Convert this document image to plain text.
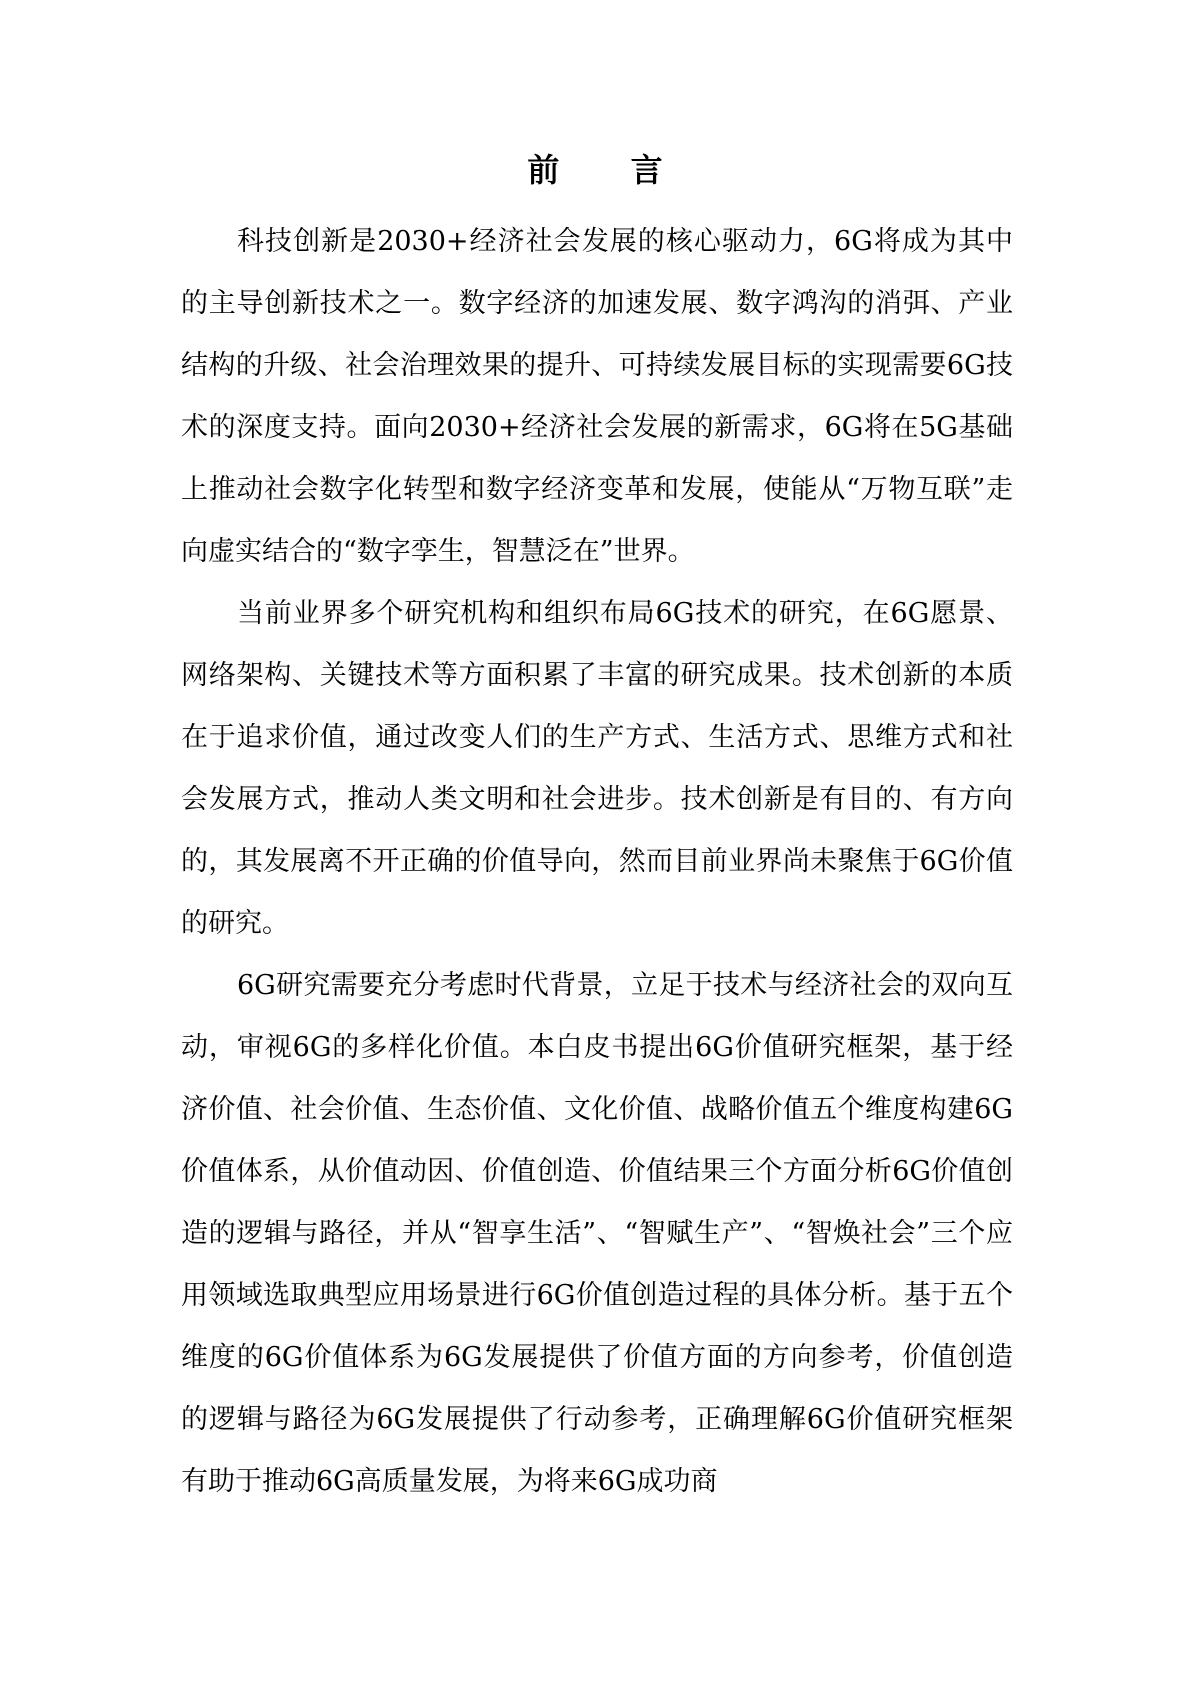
前 言

科技创新是2030+经济社会发展的核心驱动力，6G将成为其中的主导创新技术之一。数字经济的加速发展、数字鸿沟的消弭、产业结构的升级、社会治理效果的提升、可持续发展目标的实现需要6G技术的深度支持。面向2030+经济社会发展的新需求，6G将在5G基础上推动社会数字化转型和数字经济变革和发展，使能从“万物互联”走向虚实结合的“数字孪生，智慧泛在”世界。

当前业界多个研究机构和组织布局6G技术的研究，在6G愿景、网络架构、关键技术等方面积累了丰富的研究成果。技术创新的本质在于追求价值，通过改变人们的生产方式、生活方式、思维方式和社会发展方式，推动人类文明和社会进步。技术创新是有目的、有方向的，其发展离不开正确的价值导向，然而目前业界尚未聚焦于6G价值的研究。

6G研究需要充分考虑时代背景，立足于技术与经济社会的双向互动，审视6G的多样化价值。本白皮书提出6G价值研究框架，基于经济价值、社会价值、生态价值、文化价值、战略价值五个维度构建6G价值体系，从价值动因、价值创造、价值结果三个方面分析6G价值创造的逻辑与路径，并从“智享生活”、“智赋生产”、“智焕社会”三个应用领域选取典型应用场景进行6G价值创造过程的具体分析。基于五个维度的6G价值体系为6G发展提供了价值方面的方向参考，价值创造的逻辑与路径为6G发展提供了行动参考，正确理解6G价值研究框架有助于推动6G高质量发展，为将来6G成功商
